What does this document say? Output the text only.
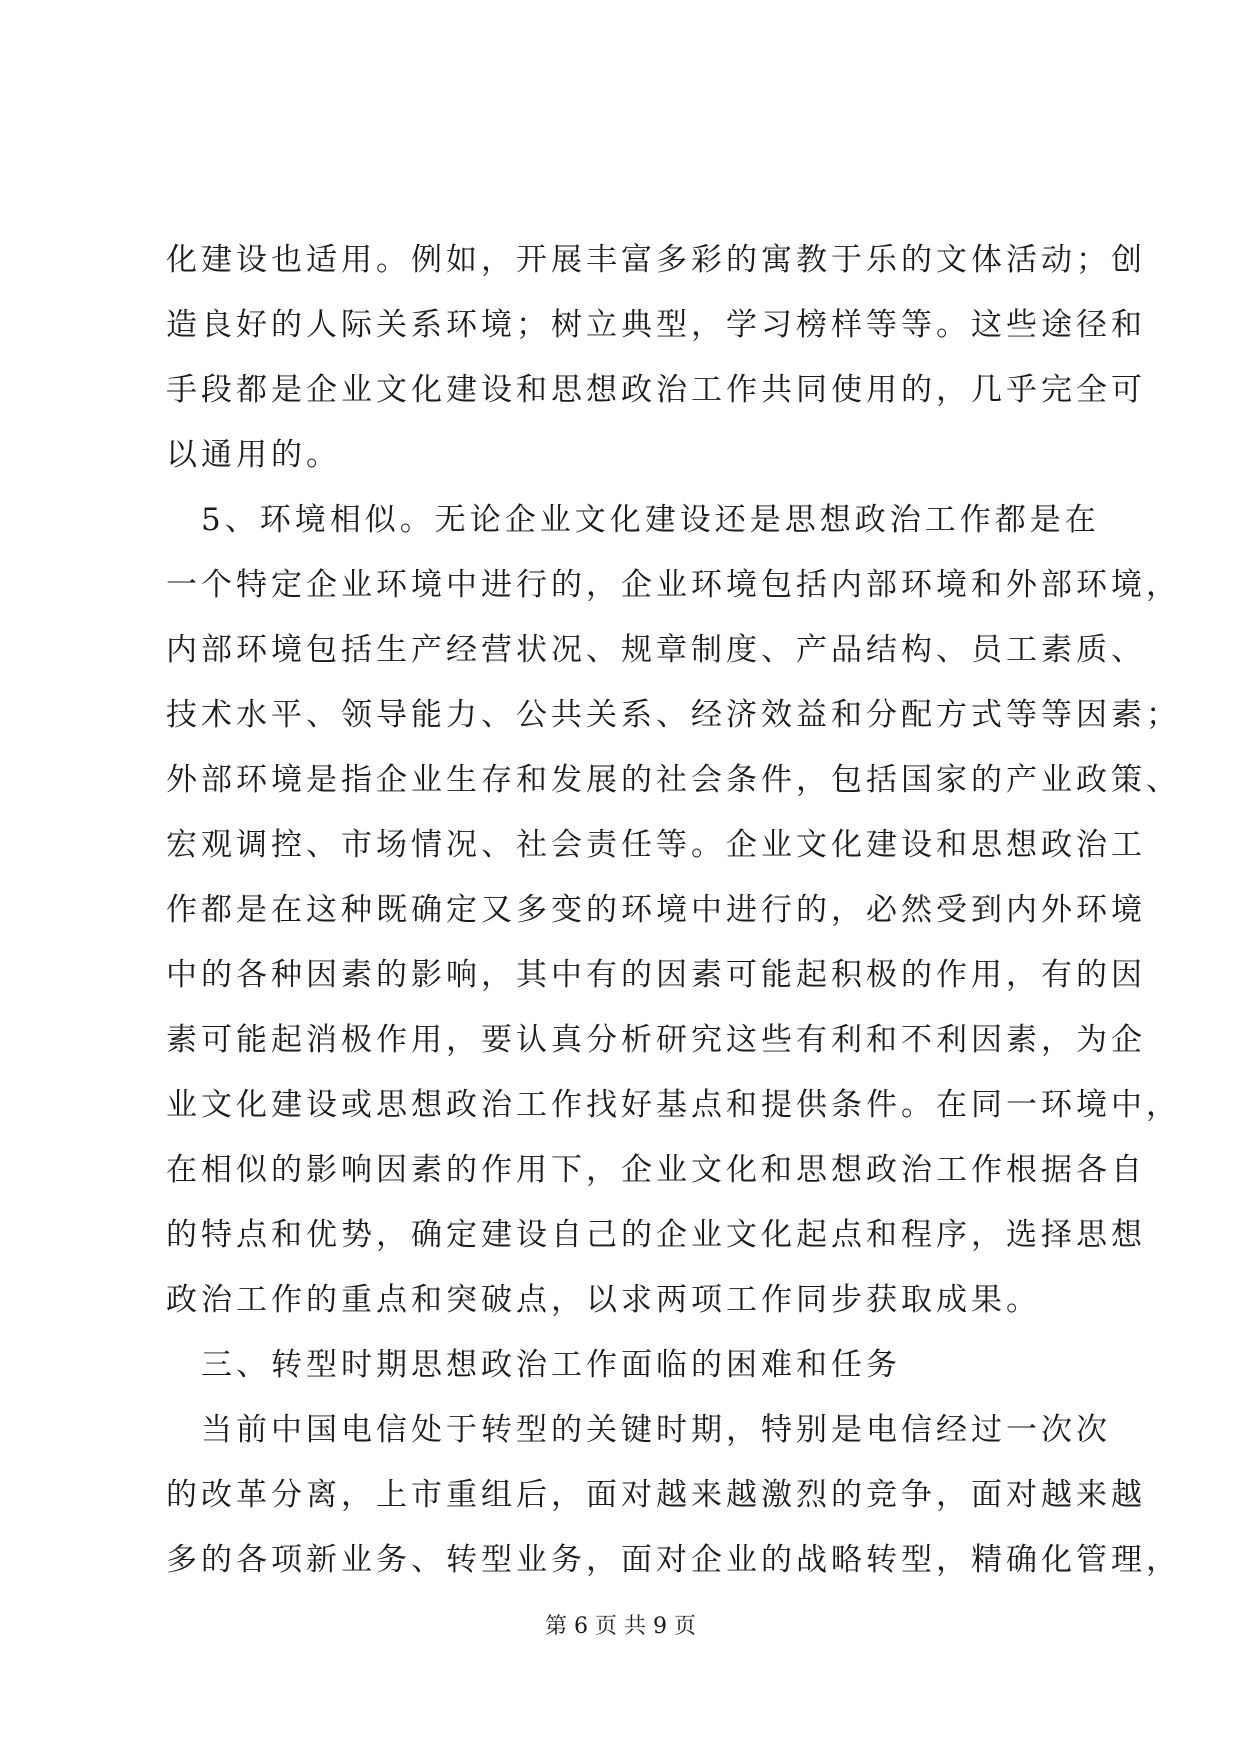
化建设也适用。例如，开展丰富多彩的寓教于乐的文体活动；创
造良好的人际关系环境；树立典型，学习榜样等等。这些途径和
手段都是企业文化建设和思想政治工作共同使用的，几乎完全可
以通用的。
　5、环境相似。无论企业文化建设还是思想政治工作都是在
一个特定企业环境中进行的，企业环境包括内部环境和外部环境，
内部环境包括生产经营状况、规章制度、产品结构、员工素质、
技术水平、领导能力、公共关系、经济效益和分配方式等等因素；
外部环境是指企业生存和发展的社会条件，包括国家的产业政策、
宏观调控、市场情况、社会责任等。企业文化建设和思想政治工
作都是在这种既确定又多变的环境中进行的，必然受到内外环境
中的各种因素的影响，其中有的因素可能起积极的作用，有的因
素可能起消极作用，要认真分析研究这些有利和不利因素，为企
业文化建设或思想政治工作找好基点和提供条件。在同一环境中，
在相似的影响因素的作用下，企业文化和思想政治工作根据各自
的特点和优势，确定建设自己的企业文化起点和程序，选择思想
政治工作的重点和突破点，以求两项工作同步获取成果。
　三、转型时期思想政治工作面临的困难和任务
　当前中国电信处于转型的关键时期，特别是电信经过一次次
的改革分离，上市重组后，面对越来越激烈的竞争，面对越来越
多的各项新业务、转型业务，面对企业的战略转型，精确化管理，
第 6 页 共 9 页
